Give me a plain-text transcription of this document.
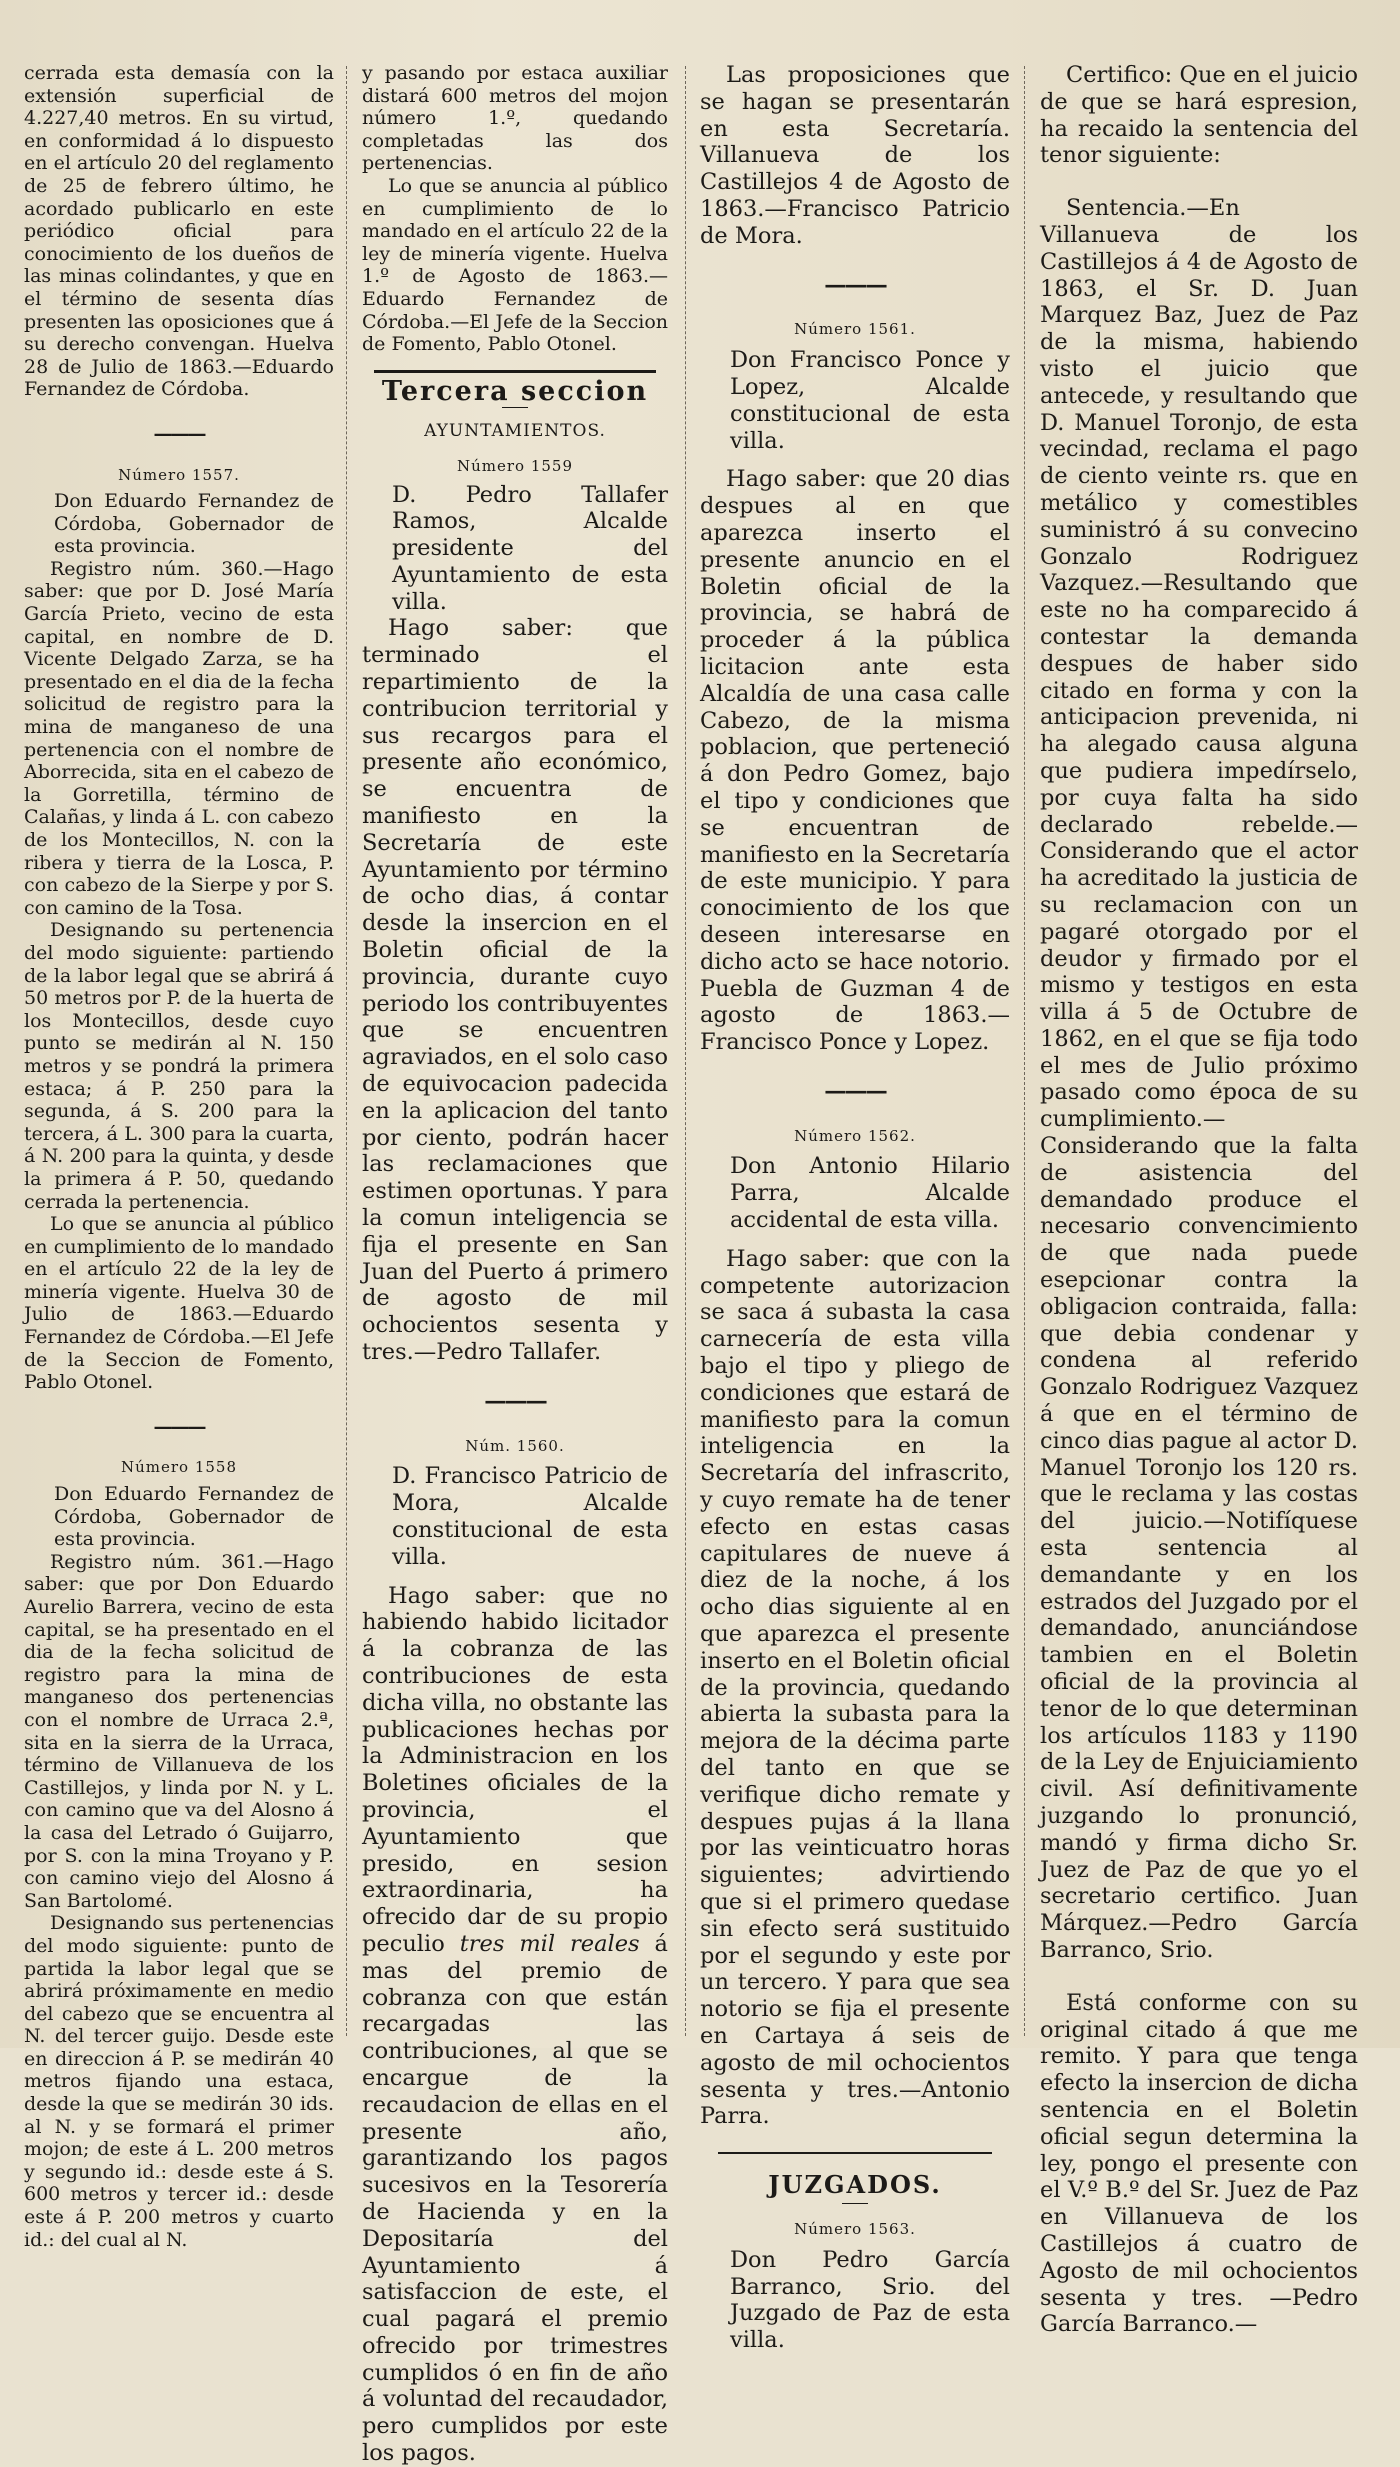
cerrada esta demasía con la extensión superficial de 4.227,40 metros. En su virtud, en conformidad á lo dispuesto en el artículo 20 del reglamento de 25 de febrero último, he acordado publicarlo en este periódico oficial para conocimiento de los dueños de las minas colindantes, y que en el término de sesenta días presenten las oposiciones que á su derecho convengan. Huelva 28 de Julio de 1863.—Eduardo Fernandez de Córdoba.

———

Número 1557.

Don Eduardo Fernandez de Córdoba, Gobernador de esta provincia.

Registro núm. 360.—Hago saber: que por D. José María García Prieto, vecino de esta capital, en nombre de D. Vicente Delgado Zarza, se ha presentado en el dia de la fecha solicitud de registro para la mina de manganeso de una pertenencia con el nombre de Aborrecida, sita en el cabezo de la Gorretilla, término de Calañas, y linda á L. con cabezo de los Montecillos, N. con la ribera y tierra de la Losca, P. con cabezo de la Sierpe y por S. con camino de la Tosa.

Designando su pertenencia del modo siguiente: partiendo de la labor legal que se abrirá á 50 metros por P. de la huerta de los Montecillos, desde cuyo punto se medirán al N. 150 metros y se pondrá la primera estaca; á P. 250 para la segunda, á S. 200 para la tercera, á L. 300 para la cuarta, á N. 200 para la quinta, y desde la primera á P. 50, quedando cerrada la pertenencia.

Lo que se anuncia al público en cumplimiento de lo mandado en el artículo 22 de la ley de minería vigente. Huelva 30 de Julio de 1863.—Eduardo Fernandez de Córdoba.—El Jefe de la Seccion de Fomento, Pablo Otonel.

———

Número 1558

Don Eduardo Fernandez de Córdoba, Gobernador de esta provincia.

Registro núm. 361.—Hago saber: que por Don Eduardo Aurelio Barrera, vecino de esta capital, se ha presentado en el dia de la fecha solicitud de registro para la mina de manganeso dos pertenencias con el nombre de Urraca 2.ª, sita en la sierra de la Urraca, término de Villanueva de los Castillejos, y linda por N. y L. con camino que va del Alosno á la casa del Letrado ó Guijarro, por S. con la mina Troyano y P. con camino viejo del Alosno á San Bartolomé.

Designando sus pertenencias del modo siguiente: punto de partida la labor legal que se abrirá próximamente en medio del cabezo que se encuentra al N. del tercer guijo. Desde este en direccion á P. se medirán 40 metros fijando una estaca, desde la que se medirán 30 ids. al N. y se formará el primer mojon; de este á L. 200 metros y segundo id.: desde este á S. 600 metros y tercer id.: desde este á P. 200 metros y cuarto id.: del cual al N.

y pasando por estaca auxiliar distará 600 metros del mojon número 1.º, quedando completadas las dos pertenencias.

Lo que se anuncia al público en cumplimiento de lo mandado en el artículo 22 de la ley de minería vigente. Huelva 1.º de Agosto de 1863.—Eduardo Fernandez de Córdoba.—El Jefe de la Seccion de Fomento, Pablo Otonel.

Tercera seccion

AYUNTAMIENTOS.

Número 1559

D. Pedro Tallafer Ramos, Alcalde presidente del Ayuntamiento de esta villa.

Hago saber: que terminado el repartimiento de la contribucion territorial y sus recargos para el presente año económico, se encuentra de manifiesto en la Secretaría de este Ayuntamiento por término de ocho dias, á contar desde la insercion en el Boletin oficial de la provincia, durante cuyo periodo los contribuyentes que se encuentren agraviados, en el solo caso de equivocacion padecida en la aplicacion del tanto por ciento, podrán hacer las reclamaciones que estimen oportunas. Y para la comun inteligencia se fija el presente en San Juan del Puerto á primero de agosto de mil ochocientos sesenta y tres.—Pedro Tallafer.

———

Núm. 1560.

D. Francisco Patricio de Mora, Alcalde constitucional de esta villa.

Hago saber: que no habiendo habido licitador á la cobranza de las contribuciones de esta dicha villa, no obstante las publicaciones hechas por la Administracion en los Boletines oficiales de la provincia, el Ayuntamiento que presido, en sesion extraordinaria, ha ofrecido dar de su propio peculio tres mil reales á mas del premio de cobranza con que están recargadas las contribuciones, al que se encargue de la recaudacion de ellas en el presente año, garantizando los pagos sucesivos en la Tesorería de Hacienda y en la Depositaría del Ayuntamiento á satisfaccion de este, el cual pagará el premio ofrecido por trimestres cumplidos ó en fin de año á voluntad del recaudador, pero cumplidos por este los pagos.

Las proposiciones que se hagan se presentarán en esta Secretaría. Villanueva de los Castillejos 4 de Agosto de 1863.—Francisco Patricio de Mora.

———

Número 1561.

Don Francisco Ponce y Lopez, Alcalde constitucional de esta villa.

Hago saber: que 20 dias despues al en que aparezca inserto el presente anuncio en el Boletin oficial de la provincia, se habrá de proceder á la pública licitacion ante esta Alcaldía de una casa calle Cabezo, de la misma poblacion, que perteneció á don Pedro Gomez, bajo el tipo y condiciones que se encuentran de manifiesto en la Secretaría de este municipio. Y para conocimiento de los que deseen interesarse en dicho acto se hace notorio. Puebla de Guzman 4 de agosto de 1863.—Francisco Ponce y Lopez.

———

Número 1562.

Don Antonio Hilario Parra, Alcalde accidental de esta villa.

Hago saber: que con la competente autorizacion se saca á subasta la casa carnecería de esta villa bajo el tipo y pliego de condiciones que estará de manifiesto para la comun inteligencia en la Secretaría del infrascrito, y cuyo remate ha de tener efecto en estas casas capitulares de nueve á diez de la noche, á los ocho dias siguiente al en que aparezca el presente inserto en el Boletin oficial de la provincia, quedando abierta la subasta para la mejora de la décima parte del tanto en que se verifique dicho remate y despues pujas á la llana por las veinticuatro horas siguientes; advirtiendo que si el primero quedase sin efecto será sustituido por el segundo y este por un tercero. Y para que sea notorio se fija el presente en Cartaya á seis de agosto de mil ochocientos sesenta y tres.—Antonio Parra.

JUZGADOS.

Número 1563.

Don Pedro García Barranco, Srio. del Juzgado de Paz de esta villa.

Certifico: Que en el juicio de que se hará espresion, ha recaido la sentencia del tenor siguiente:

Sentencia.—En Villanueva de los Castillejos á 4 de Agosto de 1863, el Sr. D. Juan Marquez Baz, Juez de Paz de la misma, habiendo visto el juicio que antecede, y resultando que D. Manuel Toronjo, de esta vecindad, reclama el pago de ciento veinte rs. que en metálico y comestibles suministró á su convecino Gonzalo Rodriguez Vazquez.—Resultando que este no ha comparecido á contestar la demanda despues de haber sido citado en forma y con la anticipacion prevenida, ni ha alegado causa alguna que pudiera impedírselo, por cuya falta ha sido declarado rebelde.—Considerando que el actor ha acreditado la justicia de su reclamacion con un pagaré otorgado por el deudor y firmado por el mismo y testigos en esta villa á 5 de Octubre de 1862, en el que se fija todo el mes de Julio próximo pasado como época de su cumplimiento.—Considerando que la falta de asistencia del demandado produce el necesario convencimiento de que nada puede esepcionar contra la obligacion contraida, falla: que debia condenar y condena al referido Gonzalo Rodriguez Vazquez á que en el término de cinco dias pague al actor D. Manuel Toronjo los 120 rs. que le reclama y las costas del juicio.—Notifíquese esta sentencia al demandante y en los estrados del Juzgado por el demandado, anunciándose tambien en el Boletin oficial de la provincia al tenor de lo que determinan los artículos 1183 y 1190 de la Ley de Enjuiciamiento civil. Así definitivamente juzgando lo pronunció, mandó y firma dicho Sr. Juez de Paz de que yo el secretario certifico. Juan Márquez.—Pedro García Barranco, Srio.

Está conforme con su original citado á que me remito. Y para que tenga efecto la insercion de dicha sentencia en el Boletin oficial segun determina la ley, pongo el presente con el V.º B.º del Sr. Juez de Paz en Villanueva de los Castillejos á cuatro de Agosto de mil ochocientos sesenta y tres. —Pedro García Barranco.—
